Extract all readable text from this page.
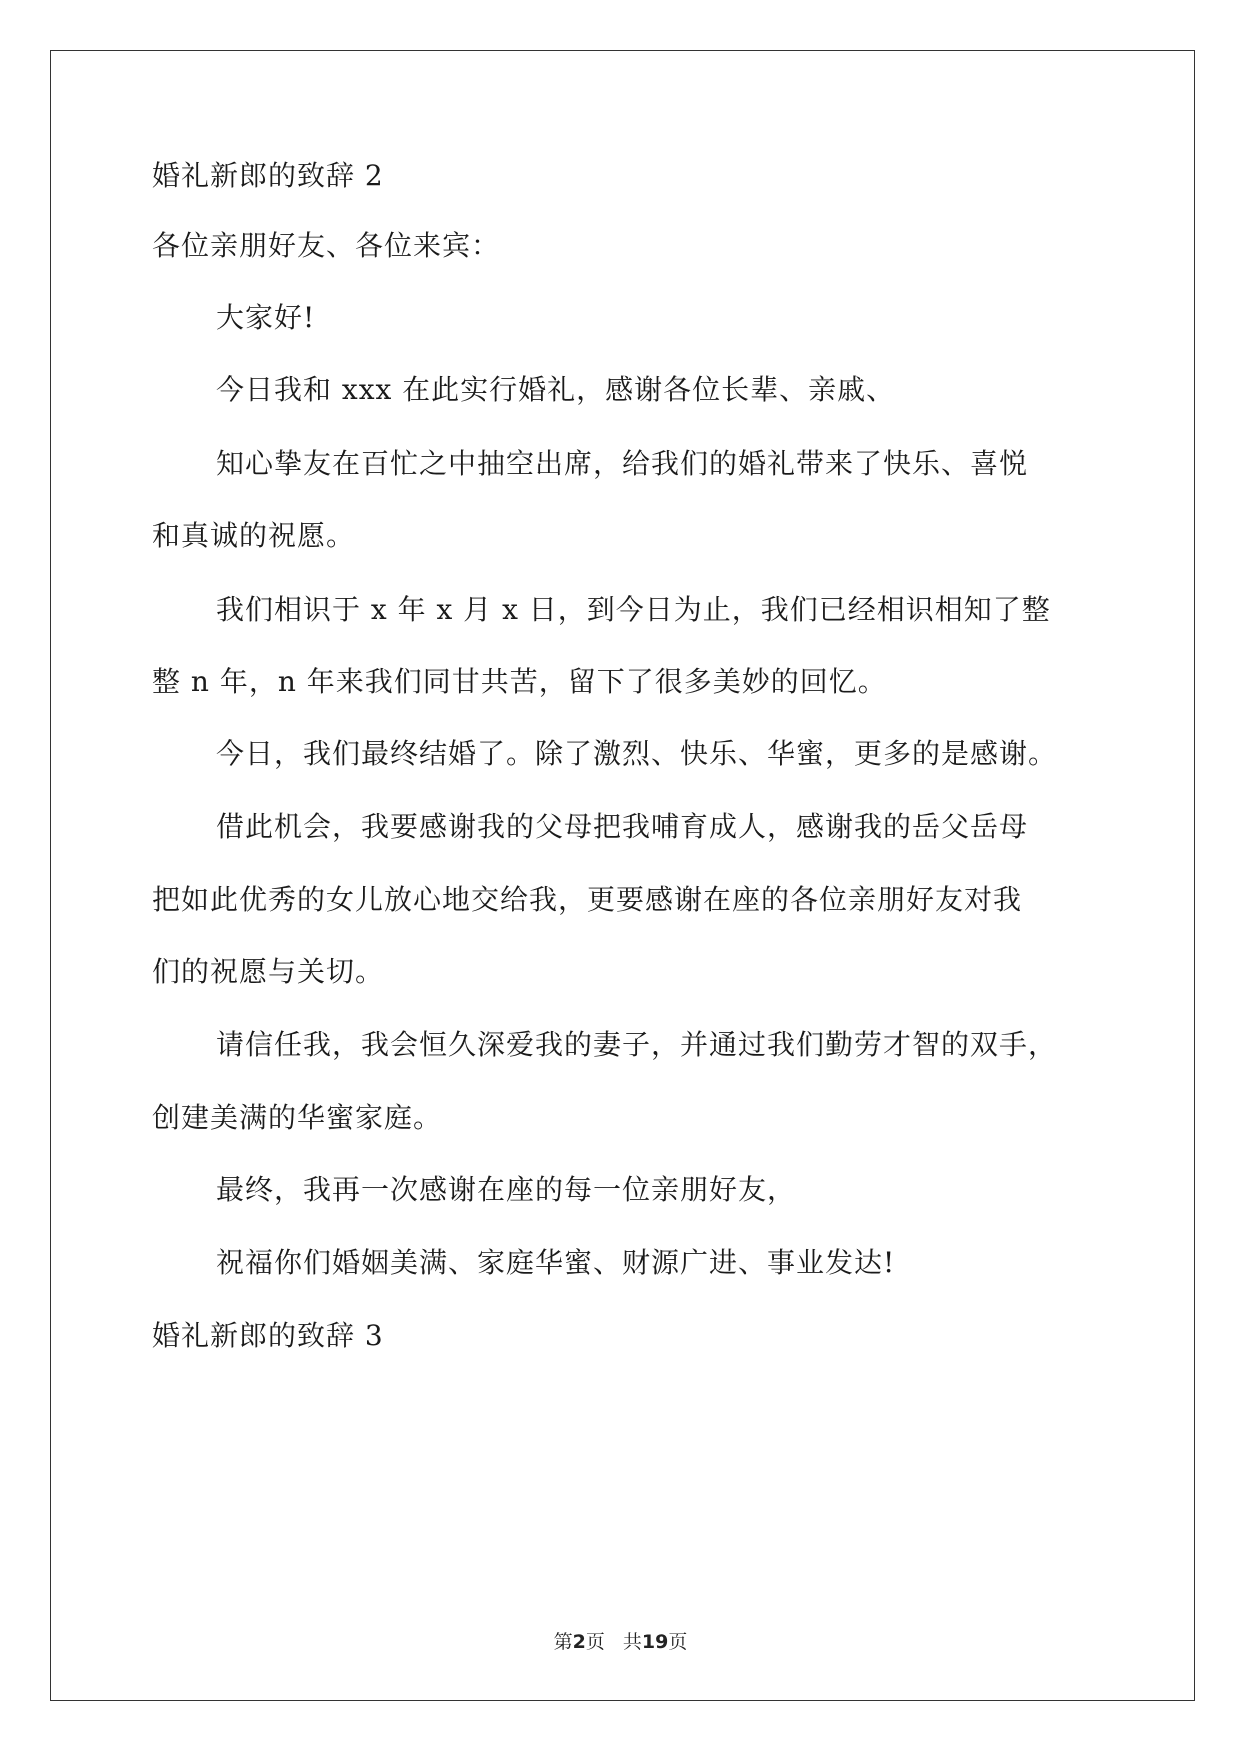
婚礼新郎的致辞 2
各位亲朋好友、各位来宾：
大家好!
今日我和 xxx 在此实行婚礼，感谢各位长辈、亲戚、
知心挚友在百忙之中抽空出席，给我们的婚礼带来了快乐、喜悦
和真诚的祝愿。
我们相识于 x 年 x 月 x 日，到今日为止，我们已经相识相知了整
整 n 年，n 年来我们同甘共苦，留下了很多美妙的回忆。
今日，我们最终结婚了。除了激烈、快乐、华蜜，更多的是感谢。
借此机会，我要感谢我的父母把我哺育成人，感谢我的岳父岳母
把如此优秀的女儿放心地交给我，更要感谢在座的各位亲朋好友对我
们的祝愿与关切。
请信任我，我会恒久深爱我的妻子，并通过我们勤劳才智的双手，
创建美满的华蜜家庭。
最终，我再一次感谢在座的每一位亲朋好友，
祝福你们婚姻美满、家庭华蜜、财源广进、事业发达!
婚礼新郎的致辞 3
第2页 共19页
